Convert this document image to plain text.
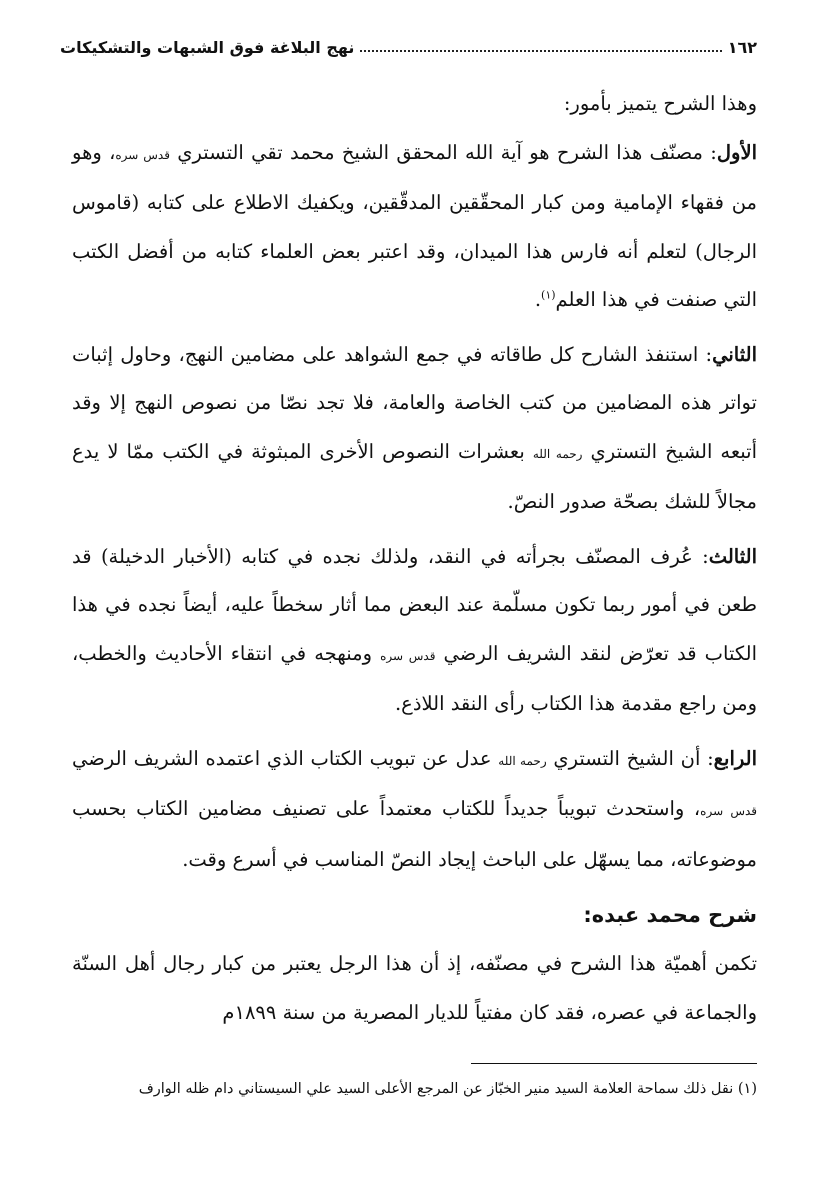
١٦٢
نهج البلاغة فوق الشبهات والتشكيكات

وهذا الشرح يتميز بأمور:

الأول: مصنّف هذا الشرح هو آية الله المحقق الشيخ محمد تقي التستري قدس سره، وهو من فقهاء الإمامية ومن كبار المحقّقين المدقّقين، ويكفيك الاطلاع على كتابه (قاموس الرجال) لتعلم أنه فارس هذا الميدان، وقد اعتبر بعض العلماء كتابه من أفضل الكتب التي صنفت في هذا العلم$^{(١)}$.

الثاني: استنفذ الشارح كل طاقاته في جمع الشواهد على مضامين النهج، وحاول إثبات تواتر هذه المضامين من كتب الخاصة والعامة، فلا تجد نصّا من نصوص النهج إلا وقد أتبعه الشيخ التستري رحمه الله بعشرات النصوص الأخرى المبثوثة في الكتب ممّا لا يدع مجالاً للشك بصحّة صدور النصّ.

الثالث: عُرف المصنّف بجرأته في النقد، ولذلك نجده في كتابه (الأخبار الدخيلة) قد طعن في أمور ربما تكون مسلّمة عند البعض مما أثار سخطاً عليه، أيضاً نجده في هذا الكتاب قد تعرّض لنقد الشريف الرضي قدس سره ومنهجه في انتقاء الأحاديث والخطب، ومن راجع مقدمة هذا الكتاب رأى النقد اللاذع.

الرابع: أن الشيخ التستري رحمه الله عدل عن تبويب الكتاب الذي اعتمده الشريف الرضي قدس سره، واستحدث تبويباً جديداً للكتاب معتمداً على تصنيف مضامين الكتاب بحسب موضوعاته، مما يسهّل على الباحث إيجاد النصّ المناسب في أسرع وقت.

شرح محمد عبده:

تكمن أهميّة هذا الشرح في مصنّفه، إذ أن هذا الرجل يعتبر من كبار رجال أهل السنّة والجماعة في عصره، فقد كان مفتياً للديار المصرية من سنة ١٨٩٩م

(١) نقل ذلك سماحة العلامة السيد منير الخبّاز عن المرجع الأعلى السيد علي السيستاني دام ظله الوارف
